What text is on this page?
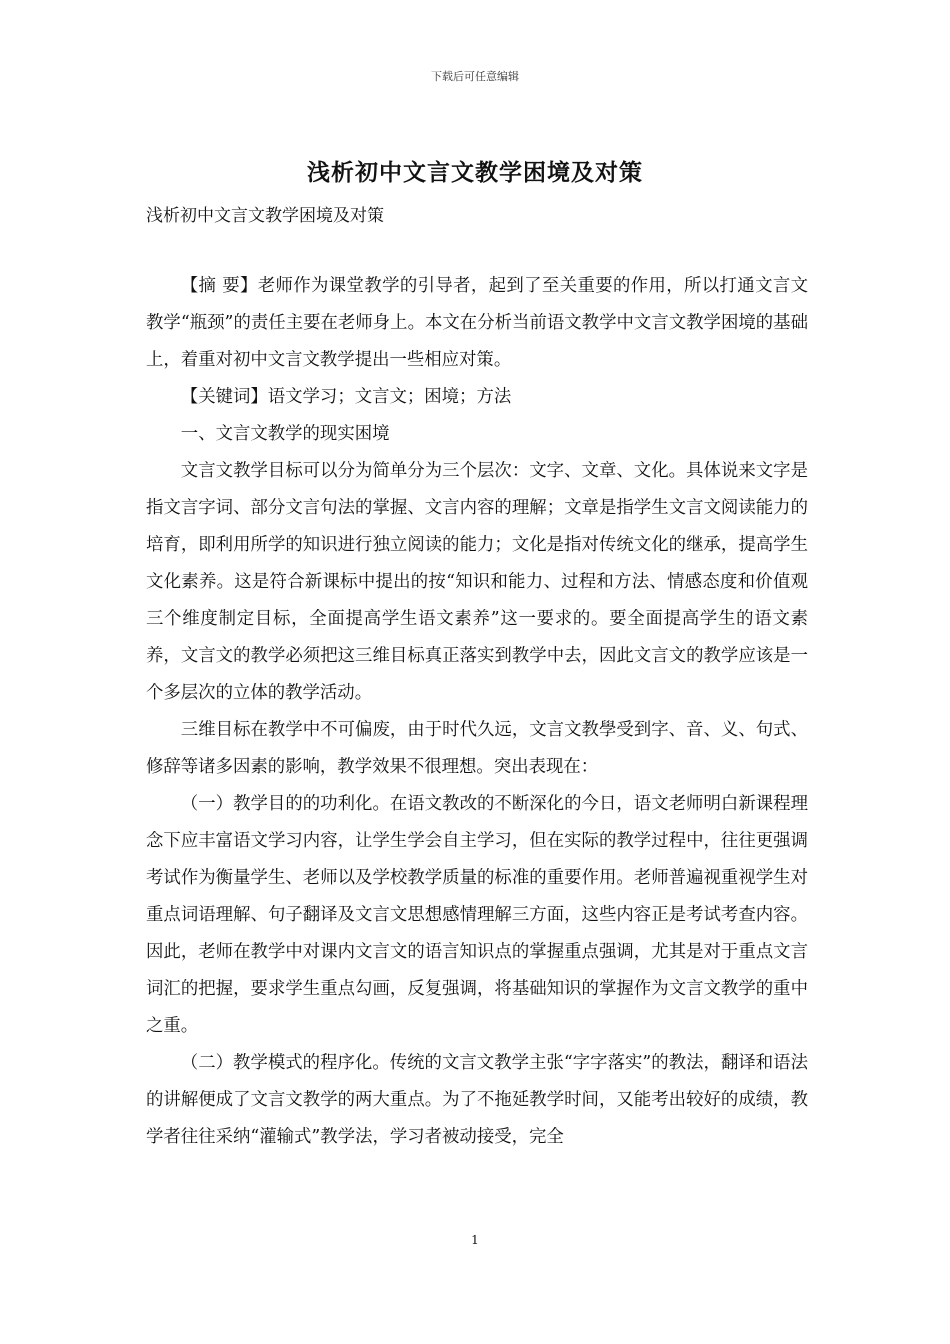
下载后可任意编辑
浅析初中文言文教学困境及对策
浅析初中文言文教学困境及对策

【摘 要】老师作为课堂教学的引导者，起到了至关重要的作用，所以打通文言文教学“瓶颈”的责任主要在老师身上。本文在分析当前语文教学中文言文教学困境的基础上，着重对初中文言文教学提出一些相应对策。

【关键词】语文学习；文言文；困境；方法

一、文言文教学的现实困境

文言文教学目标可以分为简单分为三个层次：文字、文章、文化。具体说来文字是指文言字词、部分文言句法的掌握、文言内容的理解；文章是指学生文言文阅读能力的培育，即利用所学的知识进行独立阅读的能力；文化是指对传统文化的继承，提高学生文化素养。这是符合新课标中提出的按“知识和能力、过程和方法、情感态度和价值观三个维度制定目标，全面提高学生语文素养”这一要求的。要全面提高学生的语文素养，文言文的教学必须把这三维目标真正落实到教学中去，因此文言文的教学应该是一个多层次的立体的教学活动。

三维目标在教学中不可偏废，由于时代久远，文言文教學受到字、音、义、句式、修辞等诸多因素的影响，教学效果不很理想。突出表现在：

（一）教学目的的功利化。在语文教改的不断深化的今日，语文老师明白新课程理念下应丰富语文学习内容，让学生学会自主学习，但在实际的教学过程中，往往更强调考试作为衡量学生、老师以及学校教学质量的标准的重要作用。老师普遍视重视学生对重点词语理解、句子翻译及文言文思想感情理解三方面，这些内容正是考试考查内容。因此，老师在教学中对课内文言文的语言知识点的掌握重点强调，尤其是对于重点文言词汇的把握，要求学生重点勾画，反复强调，将基础知识的掌握作为文言文教学的重中之重。

（二）教学模式的程序化。传统的文言文教学主张“字字落实”的教法，翻译和语法的讲解便成了文言文教学的两大重点。为了不拖延教学时间，又能考出较好的成绩，教学者往往采纳“灌输式”教学法，学习者被动接受，完全

1
